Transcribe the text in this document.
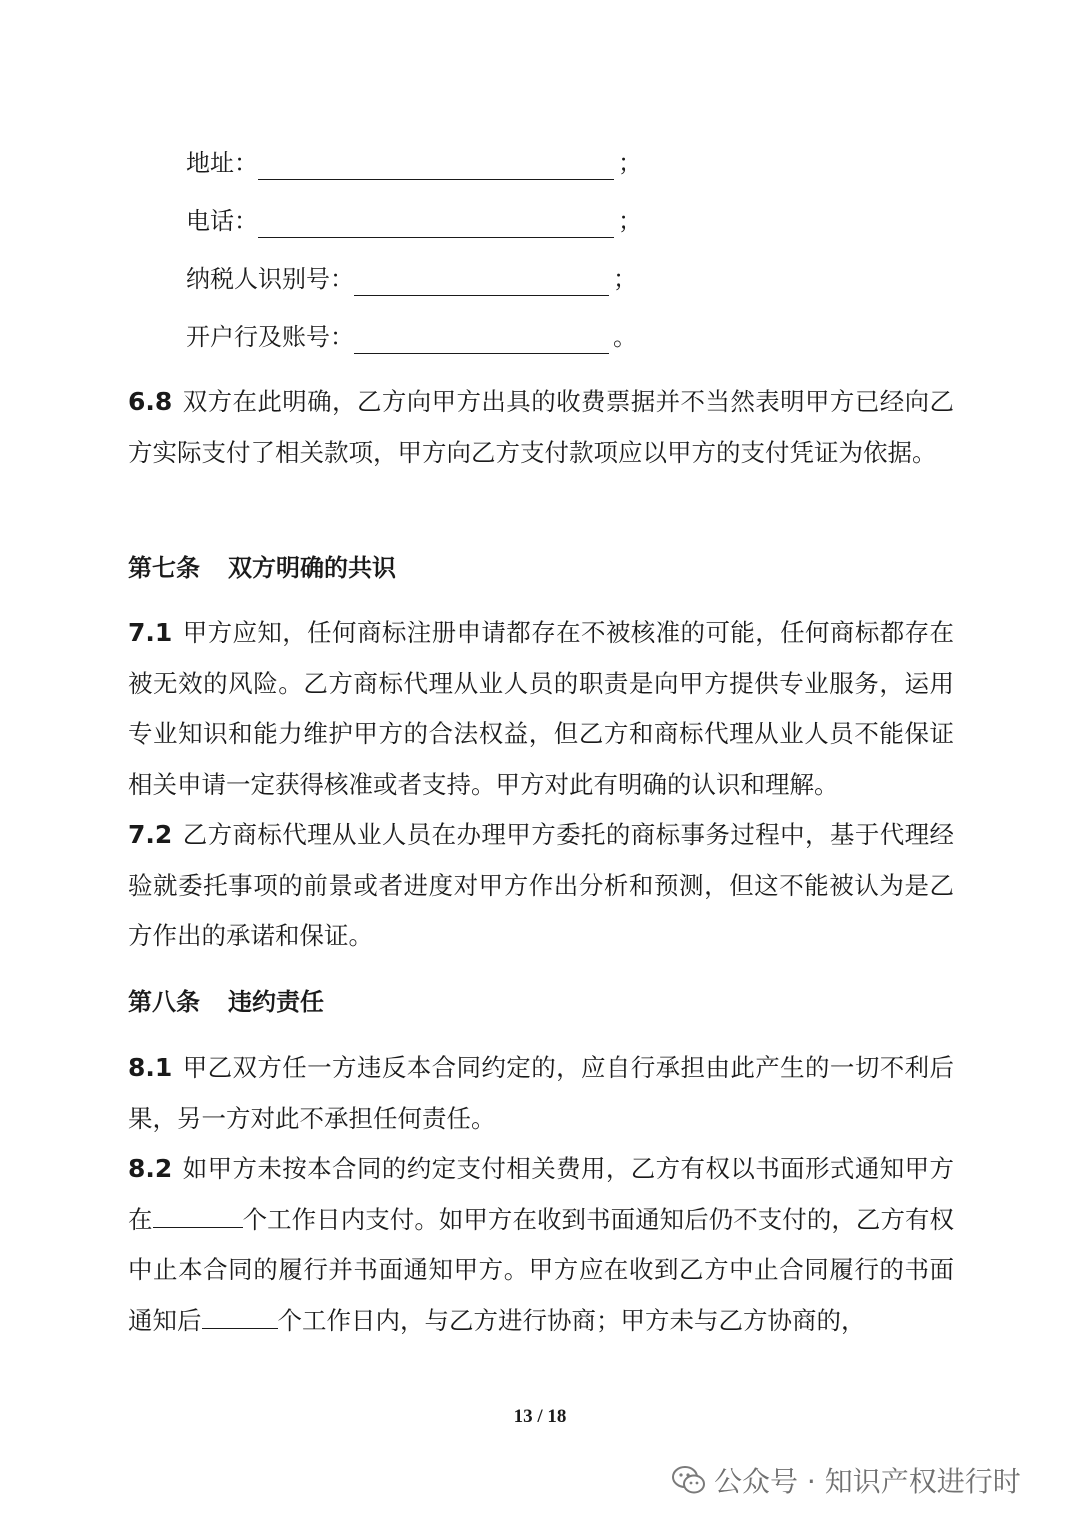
地址：	；
电话：	；
纳税人识别号：	；
开户行及账号：	。

6.8 双方在此明确，乙方向甲方出具的收费票据并不当然表明甲方已经向乙方实际支付了相关款项，甲方向乙方支付款项应以甲方的支付凭证为依据。

第七条 双方明确的共识

7.1 甲方应知，任何商标注册申请都存在不被核准的可能，任何商标都存在被无效的风险。乙方商标代理从业人员的职责是向甲方提供专业服务，运用专业知识和能力维护甲方的合法权益，但乙方和商标代理从业人员不能保证相关申请一定获得核准或者支持。甲方对此有明确的认识和理解。

7.2 乙方商标代理从业人员在办理甲方委托的商标事务过程中，基于代理经验就委托事项的前景或者进度对甲方作出分析和预测，但这不能被认为是乙方作出的承诺和保证。

第八条 违约责任

8.1 甲乙双方任一方违反本合同约定的，应自行承担由此产生的一切不利后果，另一方对此不承担任何责任。

8.2 如甲方未按本合同的约定支付相关费用，乙方有权以书面形式通知甲方在	个工作日内支付。如甲方在收到书面通知后仍不支付的，乙方有权中止本合同的履行并书面通知甲方。甲方应在收到乙方中止合同履行的书面通知后	个工作日内，与乙方进行协商；甲方未与乙方协商的，

13 / 18
公众号 · 知识产权进行时
